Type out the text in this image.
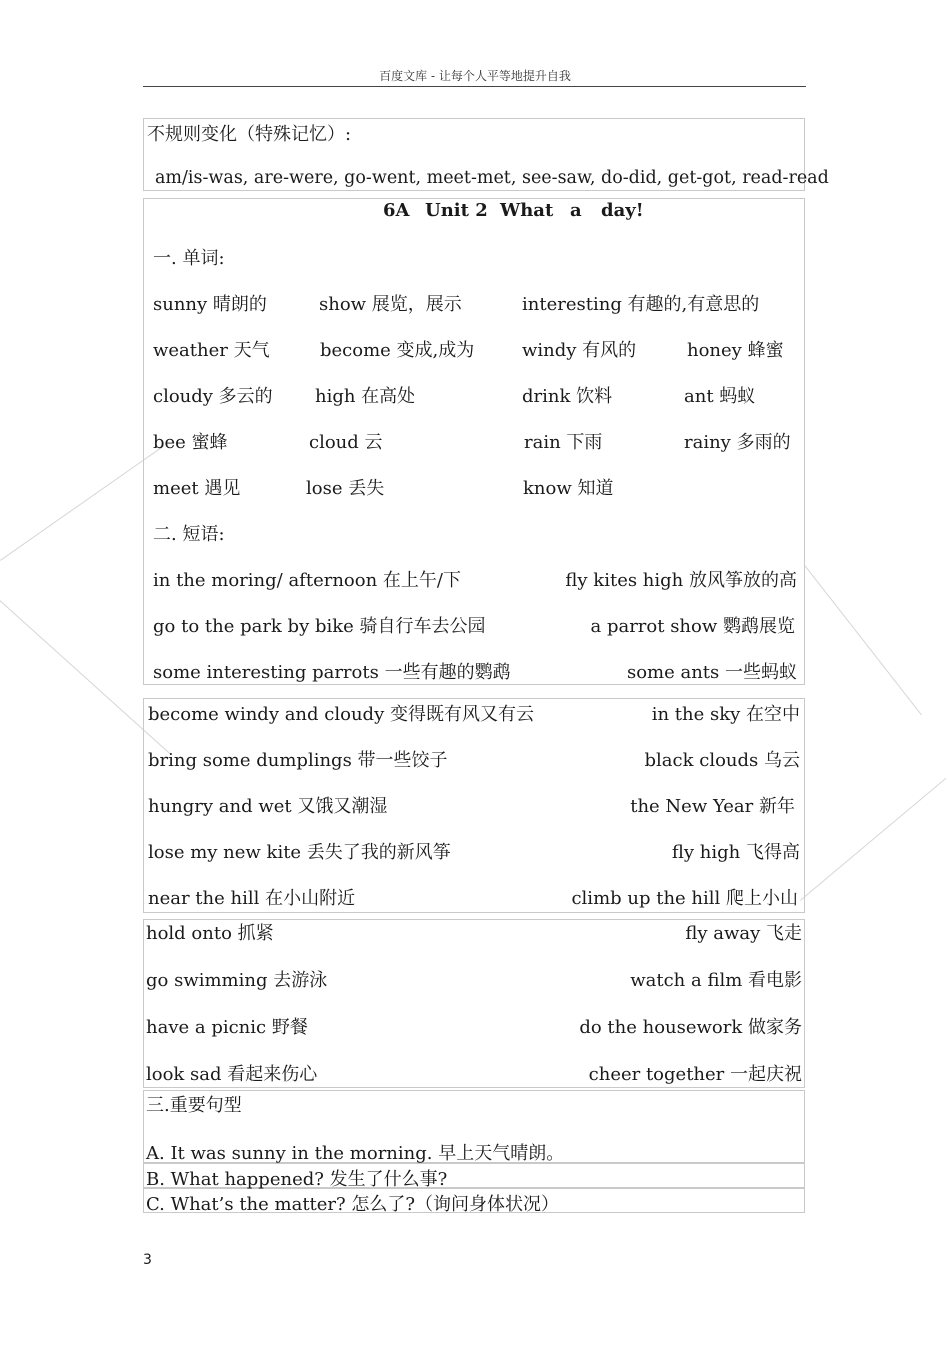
百度文库 - 让每个人平等地提升自我
不规则变化（特殊记忆）:
am/is-was, are-were, go-went, meet-met, see-saw, do-did, get-got, read-read
6A Unit 2 What a day!
一. 单词:
sunny 晴朗的	show 展览，展示	interesting 有趣的,有意思的
weather 天气	become 变成,成为	windy 有风的	honey 蜂蜜
cloudy 多云的 high 在高处	drink 饮料	ant 蚂蚁
bee 蜜蜂	cloud 云	rain 下雨	rainy 多雨的
meet 遇见	lose 丢失	know 知道
二. 短语:
in the moring/ afternoon 在上午/下	fly kites high 放风筝放的高
go to the park by bike 骑自行车去公园	a parrot show 鹦鹉展览
some interesting parrots 一些有趣的鹦鹉	some ants 一些蚂蚁
become windy and cloudy 变得既有风又有云	in the sky 在空中
bring some dumplings 带一些饺子	black clouds 乌云
hungry and wet 又饿又潮湿	the New Year 新年
lose my new kite 丢失了我的新风筝	fly high 飞得高
near the hill 在小山附近	climb up the hill 爬上小山
hold onto 抓紧	fly away 飞走
go swimming 去游泳	watch a film 看电影
have a picnic 野餐	do the housework 做家务
look sad 看起来伤心	cheer together 一起庆祝
三.重要句型
A. It was sunny in the morning. 早上天气晴朗。
B. What happened? 发生了什么事?
C. What’s the matter? 怎么了?（询问身体状况）
3
